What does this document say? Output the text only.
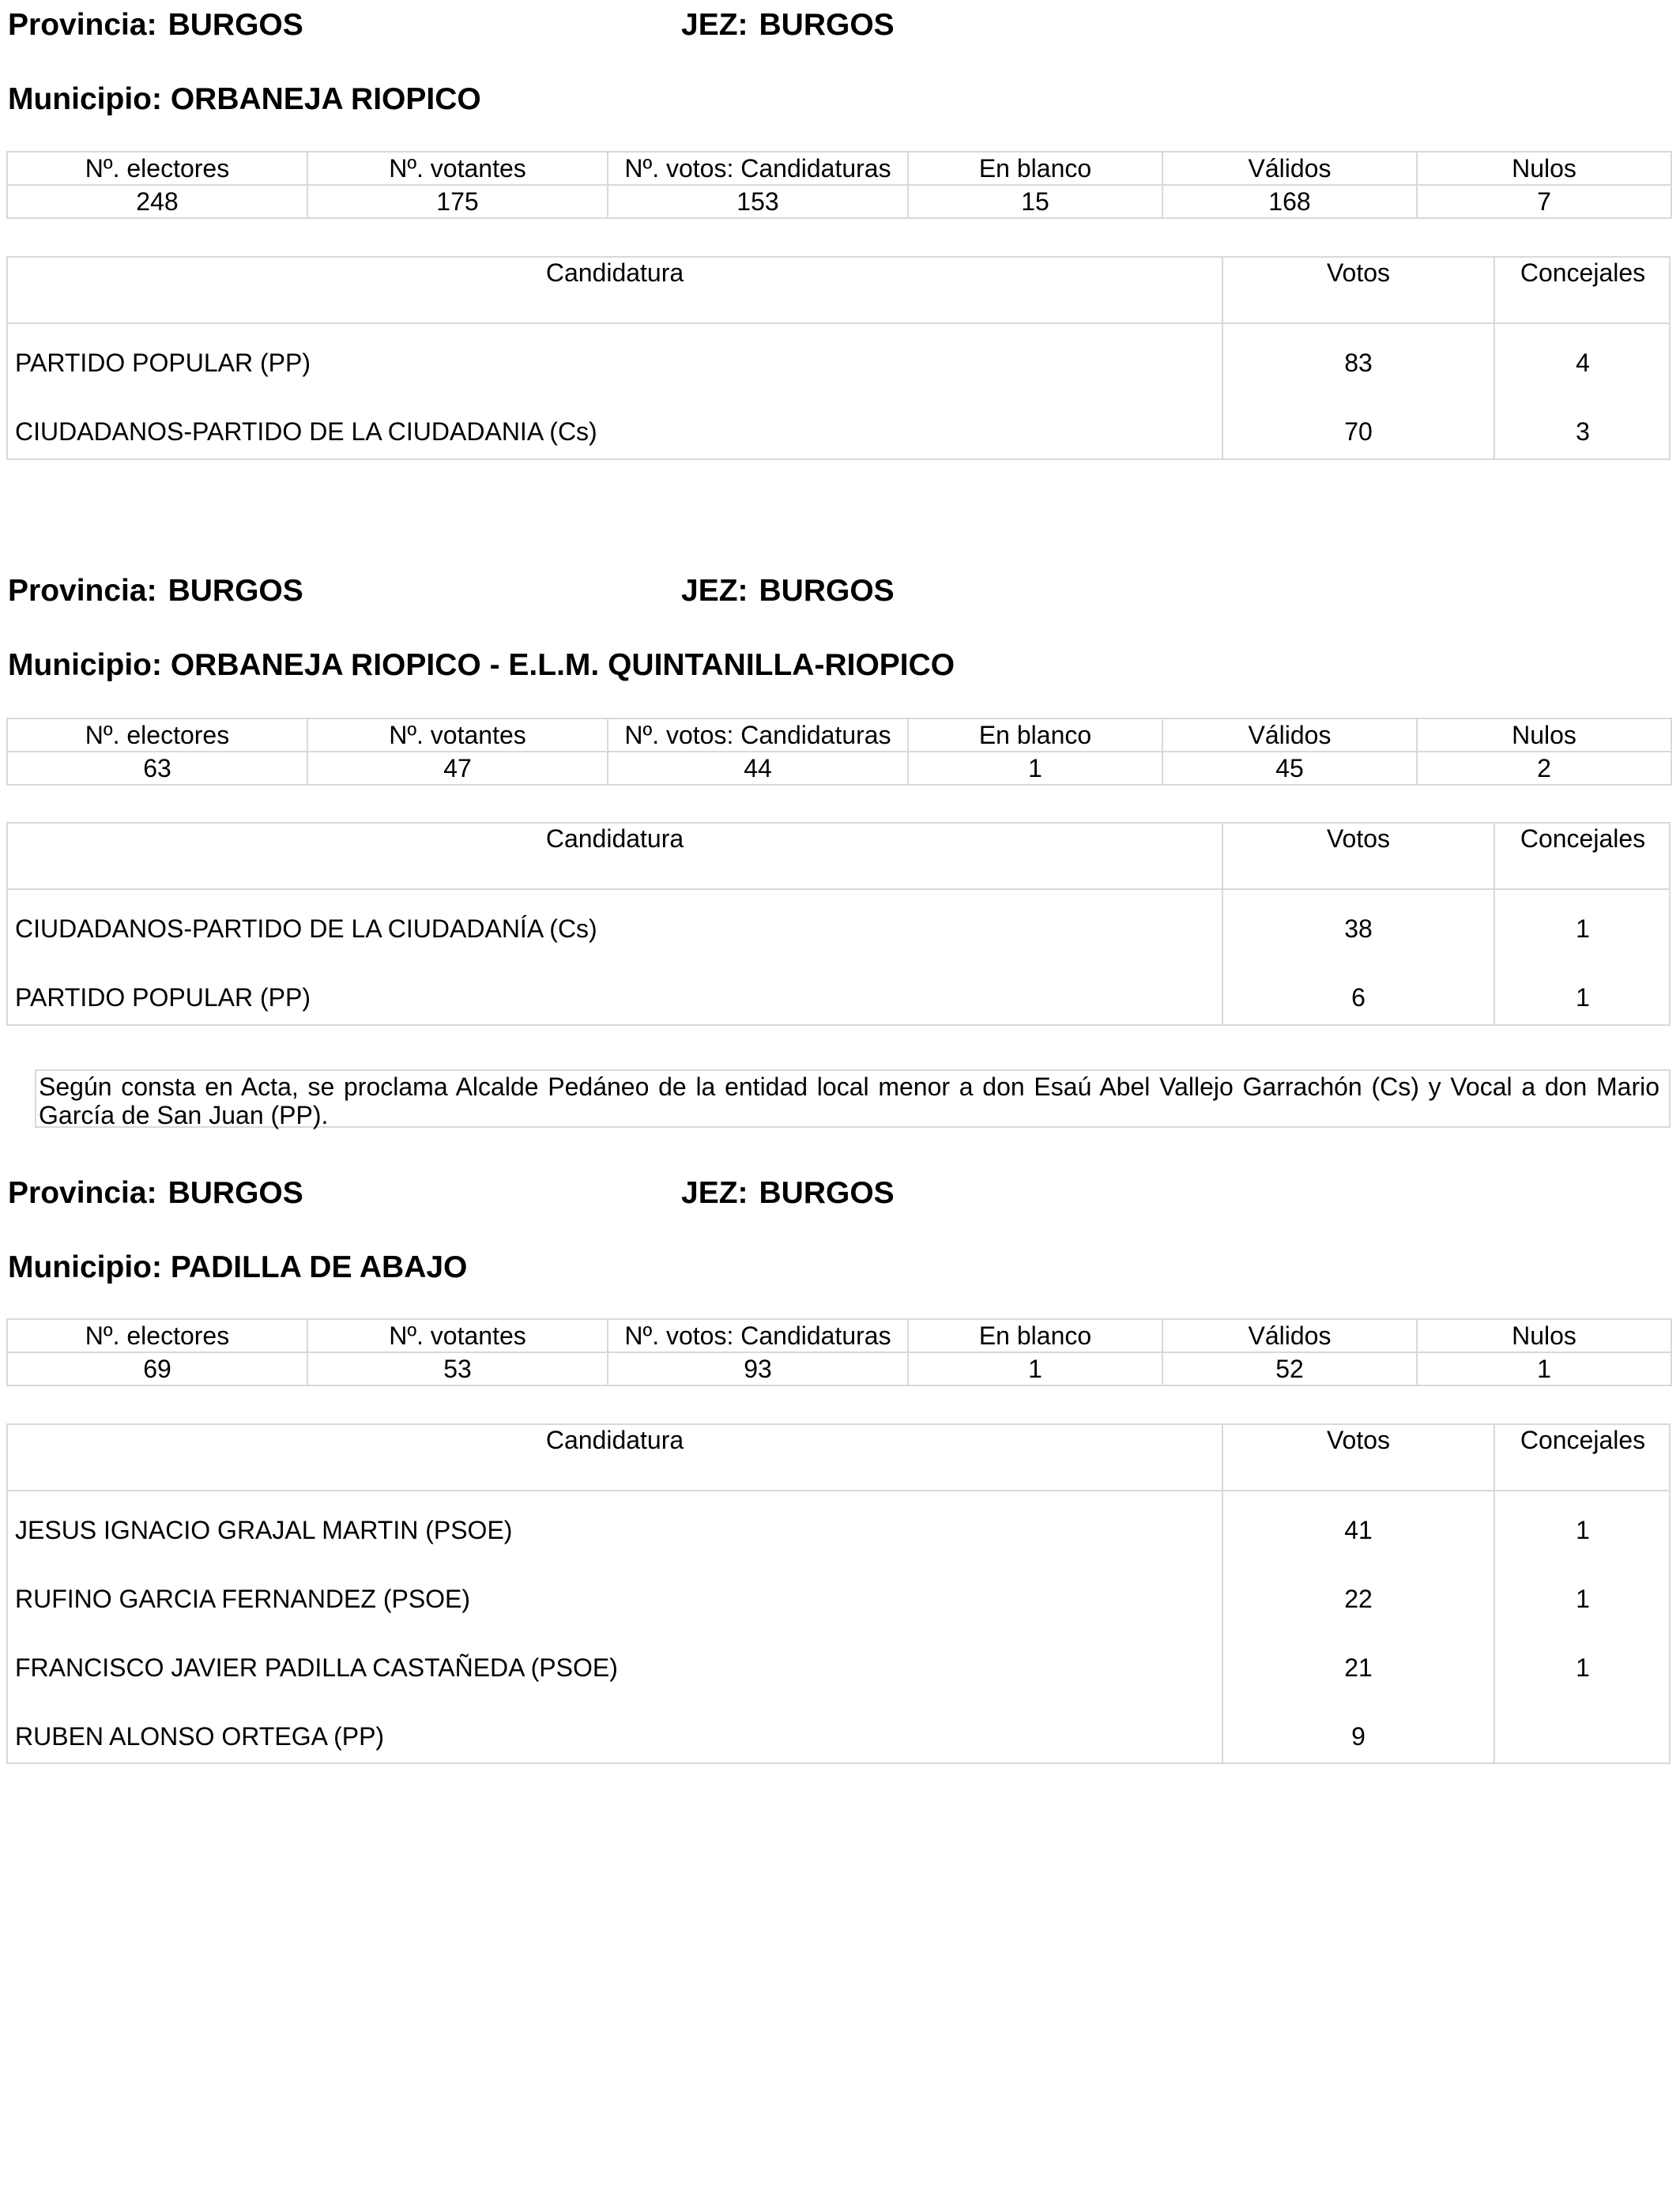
Provincia: BURGOS	JEZ: BURGOS
Municipio: ORBANEJA RIOPICO
Nº. electores	Nº. votantes	Nº. votos: Candidaturas	En blanco	Válidos	Nulos
248	175	153	15	168	7
Candidatura	Votos	Concejales
PARTIDO POPULAR (PP)	83	4
CIUDADANOS-PARTIDO DE LA CIUDADANIA (Cs)	70	3
Provincia: BURGOS	JEZ: BURGOS
Municipio: ORBANEJA RIOPICO - E.L.M. QUINTANILLA-RIOPICO
Nº. electores	Nº. votantes	Nº. votos: Candidaturas	En blanco	Válidos	Nulos
63	47	44	1	45	2
Candidatura	Votos	Concejales
CIUDADANOS-PARTIDO DE LA CIUDADANÍA (Cs)	38	1
PARTIDO POPULAR (PP)	6	1
Según consta en Acta, se proclama Alcalde Pedáneo de la entidad local menor a don Esaú Abel Vallejo Garrachón (Cs) y Vocal a don Mario García de San Juan (PP).
Provincia: BURGOS	JEZ: BURGOS
Municipio: PADILLA DE ABAJO
Nº. electores	Nº. votantes	Nº. votos: Candidaturas	En blanco	Válidos	Nulos
69	53	93	1	52	1
Candidatura	Votos	Concejales
JESUS IGNACIO GRAJAL MARTIN (PSOE)	41	1
RUFINO GARCIA FERNANDEZ (PSOE)	22	1
FRANCISCO JAVIER PADILLA CASTAÑEDA (PSOE)	21	1
RUBEN ALONSO ORTEGA (PP)	9
